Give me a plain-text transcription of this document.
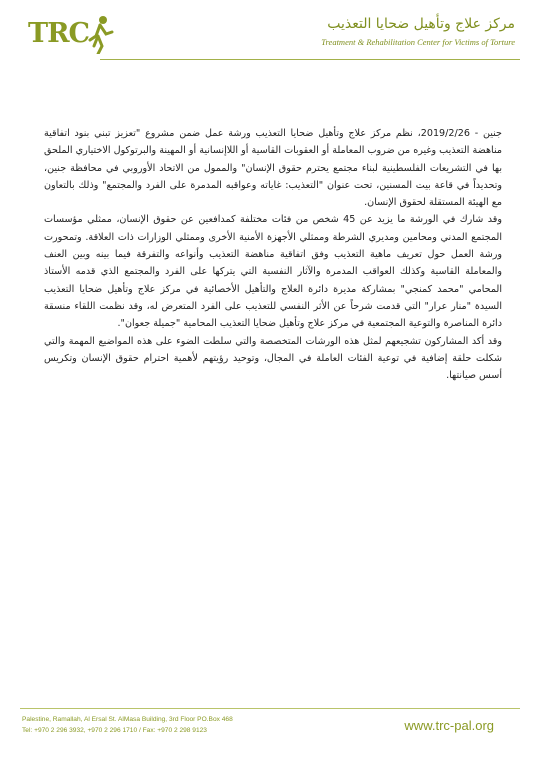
TRC	مركز علاج وتأهيل ضحايا التعذيب
Treatment & Rehabilitation Center for Victims of Torture

جنين - 2019/2/26، نظم مركز علاج وتأهيل ضحايا التعذيب ورشة عمل ضمن مشروع "تعزيز تبني بنود اتفاقية مناهضة التعذيب وغيره من ضروب المعاملة أو العقوبات القاسية أو اللاإنسانية أو المهينة والبرتوكول الاختياري الملحق بها في التشريعات الفلسطينية لبناء مجتمع يحترم حقوق الإنسان" والممول من الاتحاد الأوروبي في محافظة جنين، وتحديداً في قاعة بيت المسنين، تحت عنوان "التعذيب: غاياته وعواقبه المدمرة على الفرد والمجتمع" وذلك بالتعاون مع الهيئة المستقلة لحقوق الإنسان.

وقد شارك في الورشة ما يزيد عن 45 شخص من فئات مختلفة كمدافعين عن حقوق الإنسان، ممثلي مؤسسات المجتمع المدني ومحامين ومديري الشرطة وممثلي الأجهزة الأمنية الأخرى وممثلي الوزارات ذات العلاقة. وتمحورت ورشة العمل حول تعريف ماهية التعذيب وفق اتفاقية مناهضة التعذيب وأنواعه والتفرقة فيما بينه وبين العنف والمعاملة القاسية وكذلك العواقب المدمرة والآثار النفسية التي يتركها على الفرد والمجتمع الذي قدمه الأستاذ المحامي "محمد كمنجي" بمشاركة مديرة دائرة العلاج والتأهيل الأخصائية في مركز علاج وتأهيل ضحايا التعذيب السيدة "منار عرار" التي قدمت شرحاً عن الأثر النفسي للتعذيب على الفرد المتعرض له، وقد نظمت اللقاء منسقة دائرة المناصرة والتوعية المجتمعية في مركز علاج وتأهيل ضحايا التعذيب المحامية "جميلة جعوان".

وقد أكد المشاركون تشجيعهم لمثل هذه الورشات المتخصصة والتي سلطت الضوء على هذه المواضيع المهمة والتي شكلت حلقة إضافية في توعية الفئات العاملة في المجال، وتوحيد رؤيتهم لأهمية احترام حقوق الإنسان وتكريس أسس صيانتها.

Palestine, Ramallah, Al Ersal St. AlMasa Building, 3rd Floor PO.Box 468
Tel: +970 2 296 3932, +970 2 296 1710 / Fax: +970 2 298 9123	www.trc-pal.org
